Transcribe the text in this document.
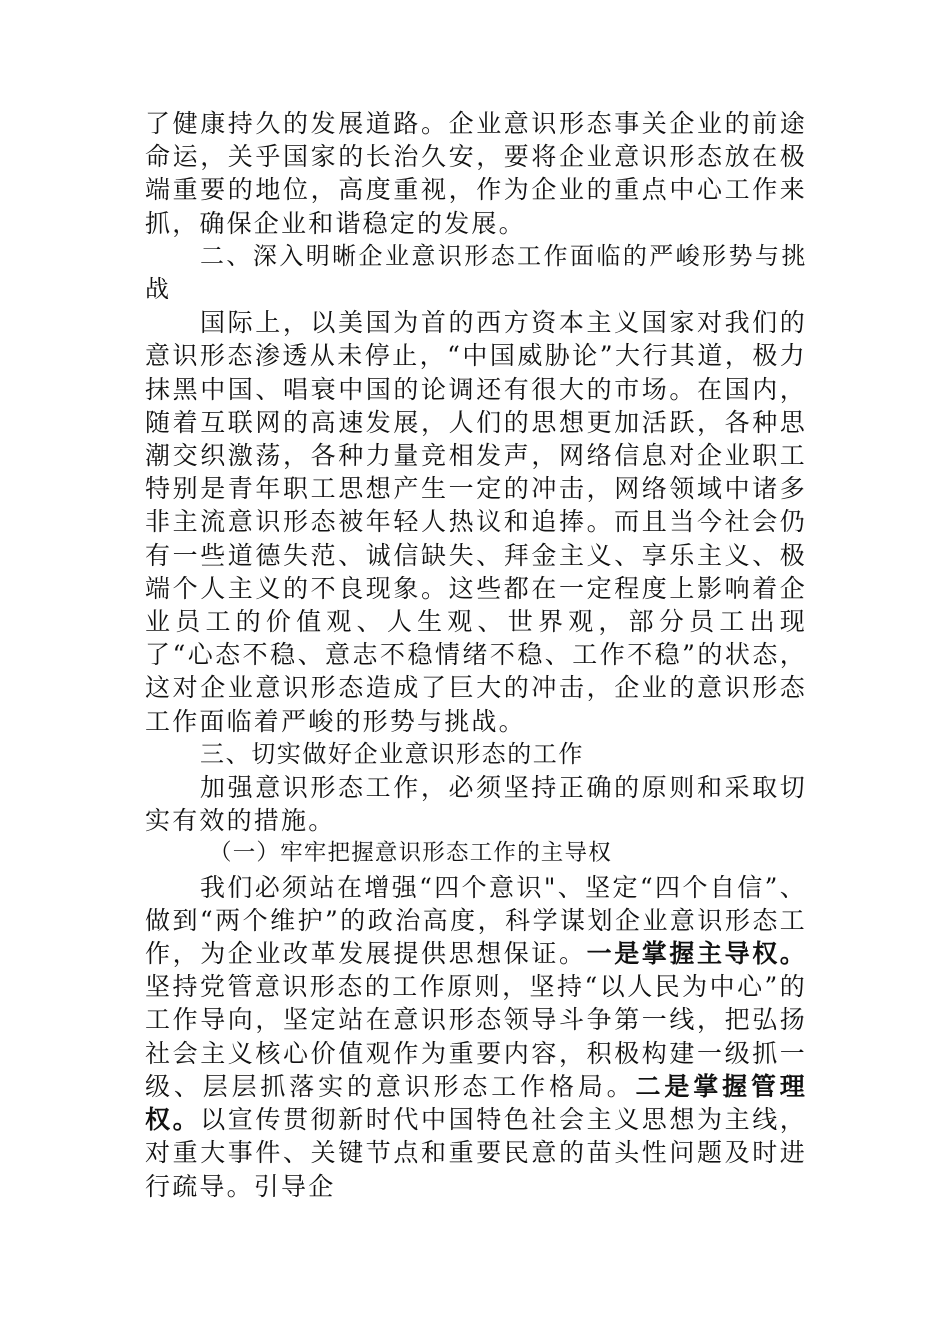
了健康持久的发展道路。企业意识形态事关企业的前途命运，关乎国家的长治久安，要将企业意识形态放在极端重要的地位，高度重视，作为企业的重点中心工作来抓，确保企业和谐稳定的发展。

二、深入明晰企业意识形态工作面临的严峻形势与挑战

国际上，以美国为首的西方资本主义国家对我们的意识形态渗透从未停止，“中国威胁论”大行其道，极力抹黑中国、唱衰中国的论调还有很大的市场。在国内，随着互联网的高速发展，人们的思想更加活跃，各种思潮交织激荡，各种力量竞相发声，网络信息对企业职工特别是青年职工思想产生一定的冲击，网络领域中诸多非主流意识形态被年轻人热议和追捧。而且当今社会仍有一些道德失范、诚信缺失、拜金主义、享乐主义、极端个人主义的不良现象。这些都在一定程度上影响着企业员工的价值观、人生观、世界观，部分员工出现了“心态不稳、意志不稳情绪不稳、工作不稳”的状态，这对企业意识形态造成了巨大的冲击，企业的意识形态工作面临着严峻的形势与挑战。

三、切实做好企业意识形态的工作

加强意识形态工作，必须坚持正确的原则和采取切实有效的措施。

（一）牢牢把握意识形态工作的主导权

我们必须站在增强“四个意识"、坚定“四个自信”、做到“两个维护”的政治高度，科学谋划企业意识形态工作，为企业改革发展提供思想保证。一是掌握主导权。坚持党管意识形态的工作原则，坚持“以人民为中心”的工作导向，坚定站在意识形态领导斗争第一线，把弘扬社会主义核心价值观作为重要内容，积极构建一级抓一级、层层抓落实的意识形态工作格局。二是掌握管理权。以宣传贯彻新时代中国特色社会主义思想为主线，对重大事件、关键节点和重要民意的苗头性问题及时进行疏导。引导企
